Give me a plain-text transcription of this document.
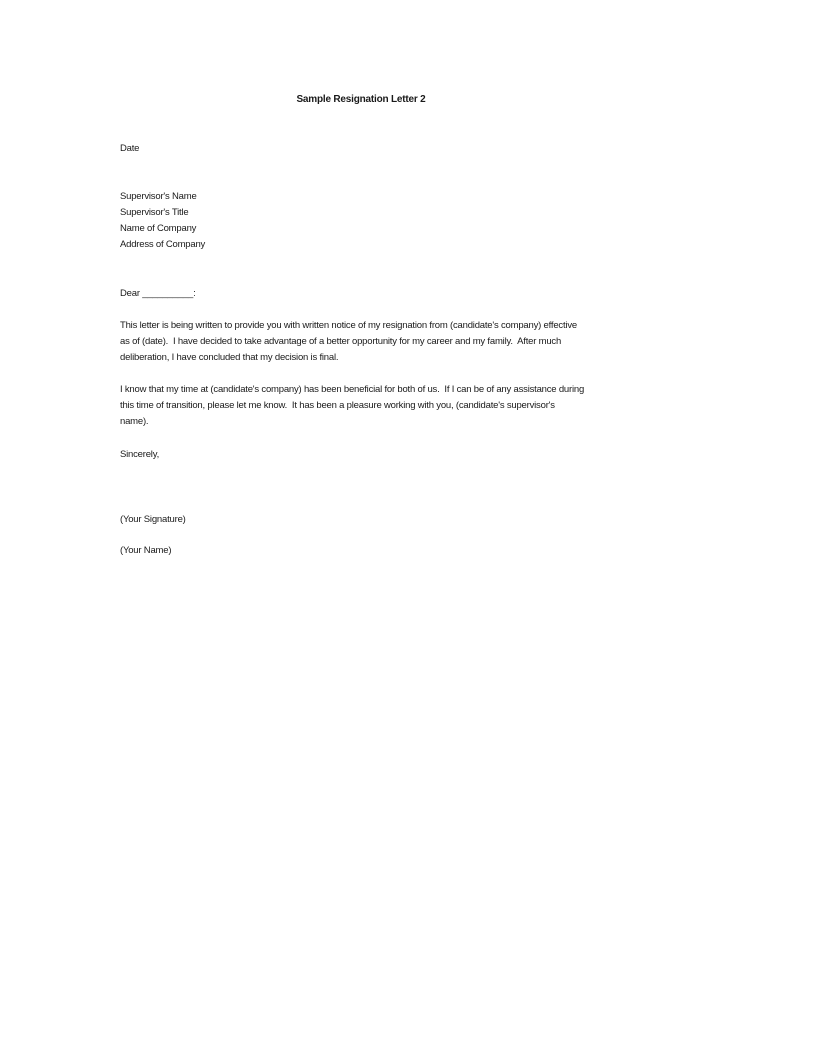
Sample Resignation Letter 2
Date
Supervisor's Name
Supervisor's Title
Name of Company
Address of Company
Dear __________:
This letter is being written to provide you with written notice of my resignation from (candidate's company) effective
as of (date).  I have decided to take advantage of a better opportunity for my career and my family.  After much
deliberation, I have concluded that my decision is final.
I know that my time at (candidate's company) has been beneficial for both of us.  If I can be of any assistance during
this time of transition, please let me know.  It has been a pleasure working with you, (candidate's supervisor's
name).
Sincerely,
(Your Signature)
(Your Name)
